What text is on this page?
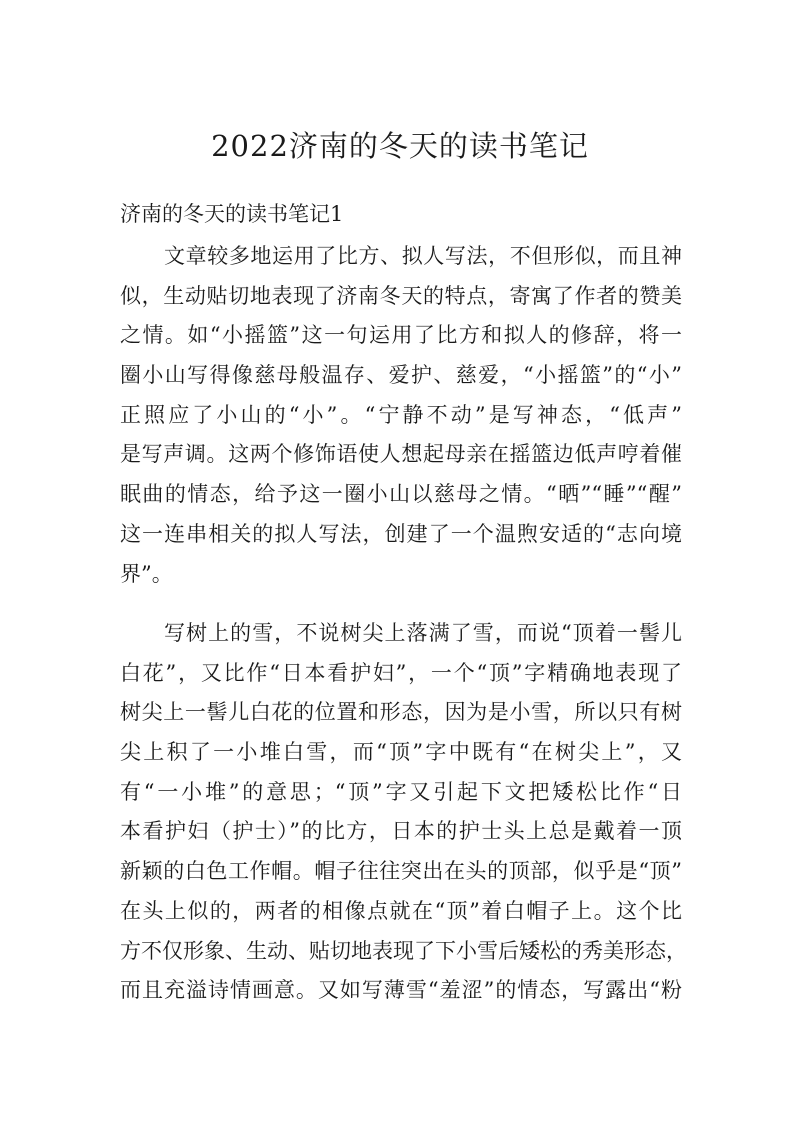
2022济南的冬天的读书笔记

济南的冬天的读书笔记1

文章较多地运用了比方、拟人写法，不但形似，而且神
似，生动贴切地表现了济南冬天的特点，寄寓了作者的赞美
之情。如“小摇篮”这一句运用了比方和拟人的修辞，将一
圈小山写得像慈母般温存、爱护、慈爱，“小摇篮”的“小”
正照应了小山的“小”。“宁静不动”是写神态，“低声”
是写声调。这两个修饰语使人想起母亲在摇篮边低声哼着催
眠曲的情态，给予这一圈小山以慈母之情。“晒”“睡”“醒”
这一连串相关的拟人写法，创建了一个温煦安适的“志向境
界”。
写树上的雪，不说树尖上落满了雪，而说“顶着一髻儿
白花”，又比作“日本看护妇”，一个“顶”字精确地表现了
树尖上一髻儿白花的位置和形态，因为是小雪，所以只有树
尖上积了一小堆白雪，而“顶”字中既有“在树尖上”，又
有“一小堆”的意思；“顶”字又引起下文把矮松比作“日
本看护妇（护士）”的比方，日本的护士头上总是戴着一顶
新颖的白色工作帽。帽子往往突出在头的顶部，似乎是“顶”
在头上似的，两者的相像点就在“顶”着白帽子上。这个比
方不仅形象、生动、贴切地表现了下小雪后矮松的秀美形态，
而且充溢诗情画意。又如写薄雪“羞涩”的情态，写露出“粉
